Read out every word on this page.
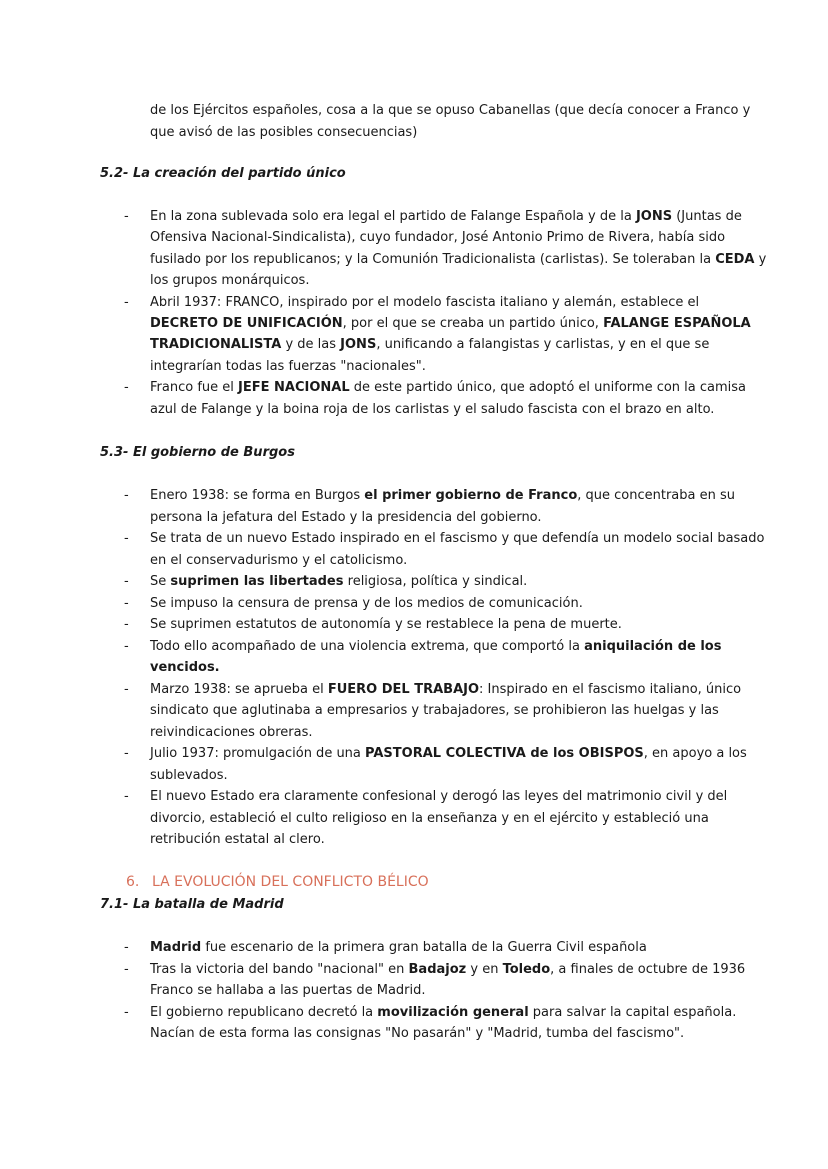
de los Ejércitos españoles, cosa a la que se opuso Cabanellas (que decía conocer a Franco y
que avisó de las posibles consecuencias)
5.2- La creación del partido único
- En la zona sublevada solo era legal el partido de Falange Española y de la JONS (Juntas de
Ofensiva Nacional-Sindicalista), cuyo fundador, José Antonio Primo de Rivera, había sido
fusilado por los republicanos; y la Comunión Tradicionalista (carlistas). Se toleraban la CEDA y
los grupos monárquicos.
- Abril 1937: FRANCO, inspirado por el modelo fascista italiano y alemán, establece el
DECRETO DE UNIFICACIÓN, por el que se creaba un partido único, FALANGE ESPAÑOLA
TRADICIONALISTA y de las JONS, unificando a falangistas y carlistas, y en el que se
integrarían todas las fuerzas "nacionales".
- Franco fue el JEFE NACIONAL de este partido único, que adoptó el uniforme con la camisa
azul de Falange y la boina roja de los carlistas y el saludo fascista con el brazo en alto.
5.3- El gobierno de Burgos
- Enero 1938: se forma en Burgos el primer gobierno de Franco, que concentraba en su
persona la jefatura del Estado y la presidencia del gobierno.
- Se trata de un nuevo Estado inspirado en el fascismo y que defendía un modelo social basado
en el conservadurismo y el catolicismo.
- Se suprimen las libertades religiosa, política y sindical.
- Se impuso la censura de prensa y de los medios de comunicación.
- Se suprimen estatutos de autonomía y se restablece la pena de muerte.
- Todo ello acompañado de una violencia extrema, que comportó la aniquilación de los
vencidos.
- Marzo 1938: se aprueba el FUERO DEL TRABAJO: Inspirado en el fascismo italiano, único
sindicato que aglutinaba a empresarios y trabajadores, se prohibieron las huelgas y las
reivindicaciones obreras.
- Julio 1937: promulgación de una PASTORAL COLECTIVA de los OBISPOS, en apoyo a los
sublevados.
- El nuevo Estado era claramente confesional y derogó las leyes del matrimonio civil y del
divorcio, estableció el culto religioso en la enseñanza y en el ejército y estableció una
retribución estatal al clero.
6. LA EVOLUCIÓN DEL CONFLICTO BÉLICO
7.1- La batalla de Madrid
- Madrid fue escenario de la primera gran batalla de la Guerra Civil española
- Tras la victoria del bando "nacional" en Badajoz y en Toledo, a finales de octubre de 1936
Franco se hallaba a las puertas de Madrid.
- El gobierno republicano decretó la movilización general para salvar la capital española.
Nacían de esta forma las consignas "No pasarán" y "Madrid, tumba del fascismo".
